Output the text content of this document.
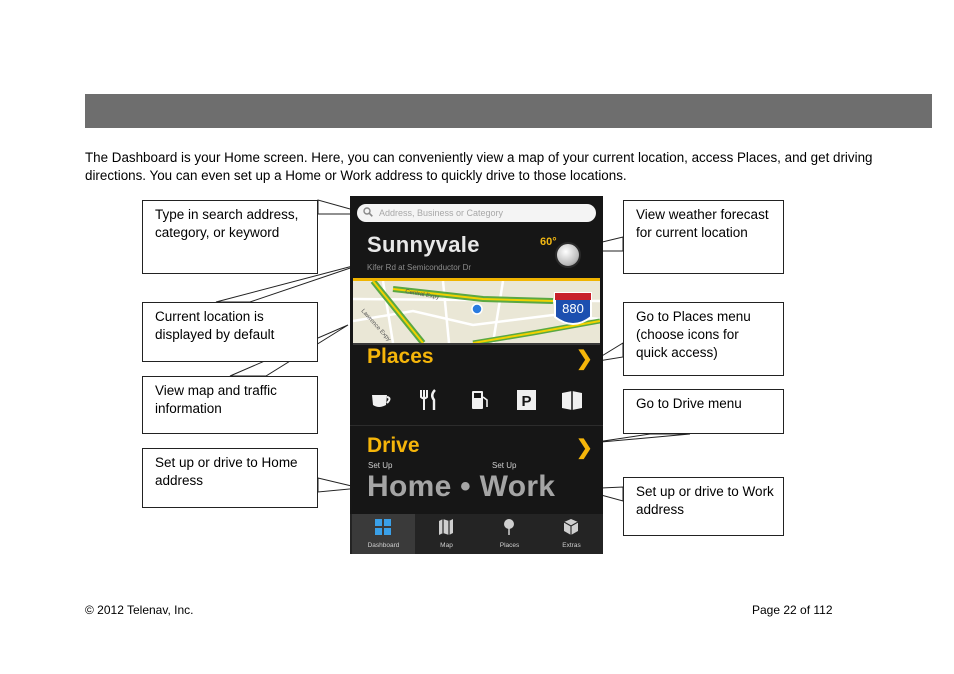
The Dashboard is your Home screen. Here, you can conveniently view a map of your current location, access Places, and get driving directions. You can even set up a Home or Work address to quickly drive to those locations.

Type in search address, category, or keyword
Current location is displayed by default
View map and traffic information
Set up or drive to Home address
View weather forecast for current location
Go to Places menu (choose icons for quick access)
Go to Drive menu
Set up or drive to Work address
Address, Business or Category
Sunnyvale
Kifer Rd at Semiconductor Dr
60°
880
Central Expy
Lawrence Expy
Places	❯
P
Drive	❯
Set Up	Set Up
Home • Work
Dashboard	Map	Places	Extras
© 2012 Telenav, Inc.	Page 22 of 112
